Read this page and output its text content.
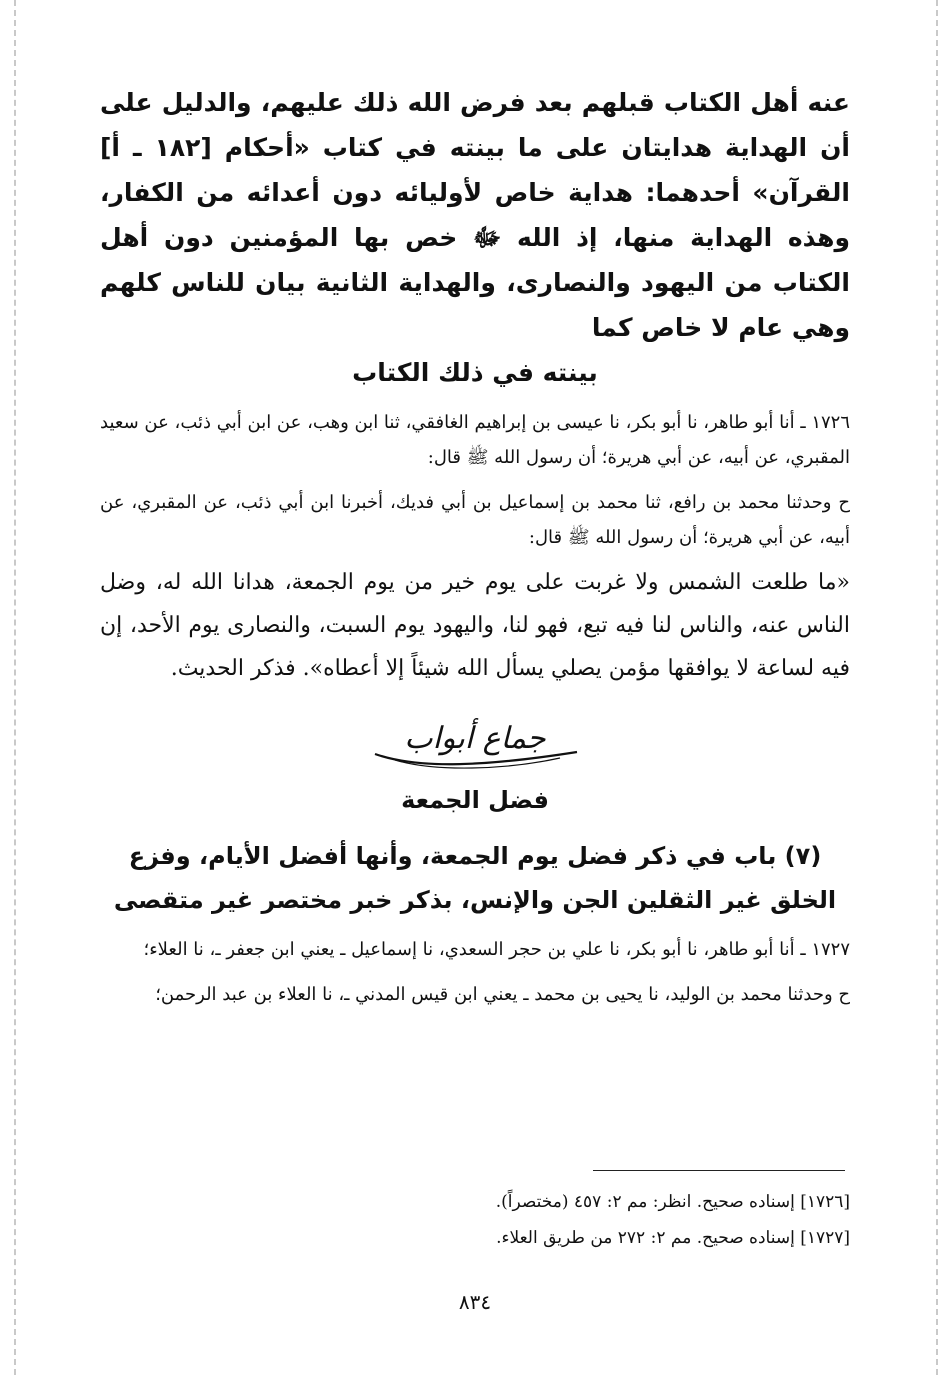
عنه أهل الكتاب قبلهم بعد فرض الله ذلك عليهم، والدليل على أن الهداية هدايتان على ما بينته في كتاب «أحكام [١٨٢ ـ أ] القرآن» أحدهما: هداية خاص لأوليائه دون أعدائه من الكفار، وهذه الهداية منها، إذ الله ﷻ خص بها المؤمنين دون أهل الكتاب من اليهود والنصارى، والهداية الثانية بيان للناس كلهم وهي عام لا خاص كما
بينته في ذلك الكتاب

١٧٢٦ ـ أنا أبو طاهر، نا أبو بكر، نا عيسى بن إبراهيم الغافقي، ثنا ابن وهب، عن ابن أبي ذئب، عن سعيد المقبري، عن أبيه، عن أبي هريرة؛ أن رسول الله ﷺ قال:

ح وحدثنا محمد بن رافع، ثنا محمد بن إسماعيل بن أبي فديك، أخبرنا ابن أبي ذئب، عن المقبري، عن أبيه، عن أبي هريرة؛ أن رسول الله ﷺ قال:

«ما طلعت الشمس ولا غربت على يوم خير من يوم الجمعة، هدانا الله له، وضل الناس عنه، والناس لنا فيه تبع، فهو لنا، واليهود يوم السبت، والنصارى يوم الأحد، إن فيه لساعة لا يوافقها مؤمن يصلي يسأل الله شيئاً إلا أعطاه». فذكر الحديث.

جماع أبواب

فضل الجمعة

(٧) باب في ذكر فضل يوم الجمعة، وأنها أفضل الأيام، وفزع الخلق غير الثقلين الجن والإنس، بذكر خبر مختصر غير متقصى

١٧٢٧ ـ أنا أبو طاهر، نا أبو بكر، نا علي بن حجر السعدي، نا إسماعيل ـ يعني ابن جعفر ـ، نا العلاء؛

ح وحدثنا محمد بن الوليد، نا يحيى بن محمد ـ يعني ابن قيس المدني ـ، نا العلاء بن عبد الرحمن؛

[١٧٢٦] إسناده صحيح. انظر: مم ٢: ٤٥٧ (مختصراً).

[١٧٢٧] إسناده صحيح. مم ٢: ٢٧٢ من طريق العلاء.

٨٣٤
